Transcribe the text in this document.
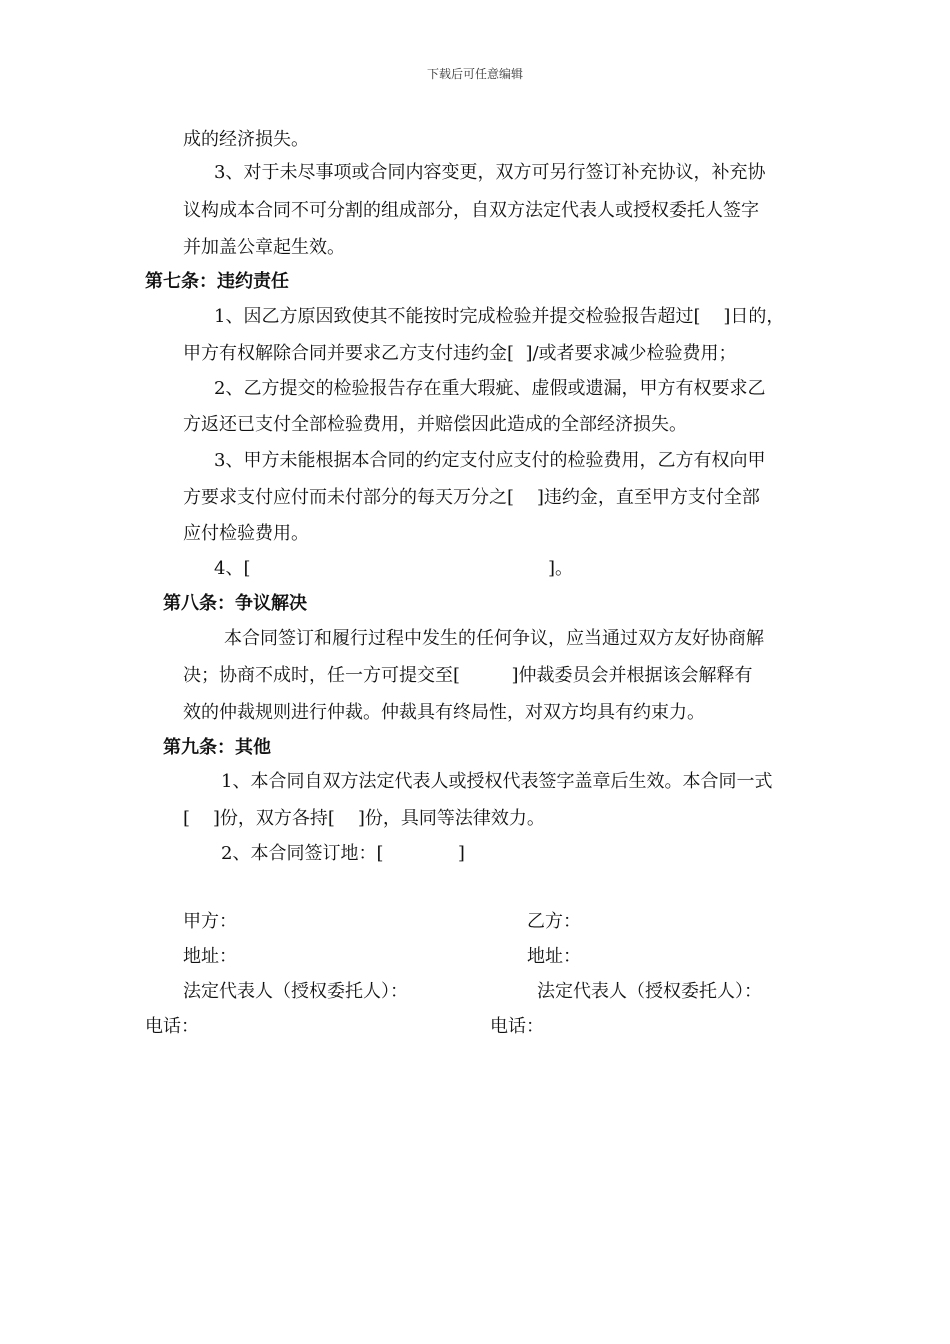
下载后可任意编辑
成的经济损失。
3、对于未尽事项或合同内容变更，双方可另行签订补充协议，补充协
议构成本合同不可分割的组成部分，自双方法定代表人或授权委托人签字
并加盖公章起生效。
第七条：违约责任
1、因乙方原因致使其不能按时完成检验并提交检验报告超过[    ]日的，
甲方有权解除合同并要求乙方支付违约金[  ]/或者要求减少检验费用；
2、乙方提交的检验报告存在重大瑕疵、虚假或遗漏，甲方有权要求乙
方返还已支付全部检验费用，并赔偿因此造成的全部经济损失。
3、甲方未能根据本合同的约定支付应支付的检验费用，乙方有权向甲
方要求支付应付而未付部分的每天万分之[    ]违约金，直至甲方支付全部
应付检验费用。
4、[                                                    ]。
第八条：争议解决
本合同签订和履行过程中发生的任何争议，应当通过双方友好协商解
决；协商不成时，任一方可提交至[         ]仲裁委员会并根据该会解释有
效的仲裁规则进行仲裁。仲裁具有终局性，对双方均具有约束力。
第九条：其他
1、本合同自双方法定代表人或授权代表签字盖章后生效。本合同一式
[    ]份，双方各持[    ]份，具同等法律效力。
2、本合同签订地：[             ]
甲方：	乙方：
地址：	地址：
法定代表人（授权委托人）：	法定代表人（授权委托人）：
电话：	电话：
